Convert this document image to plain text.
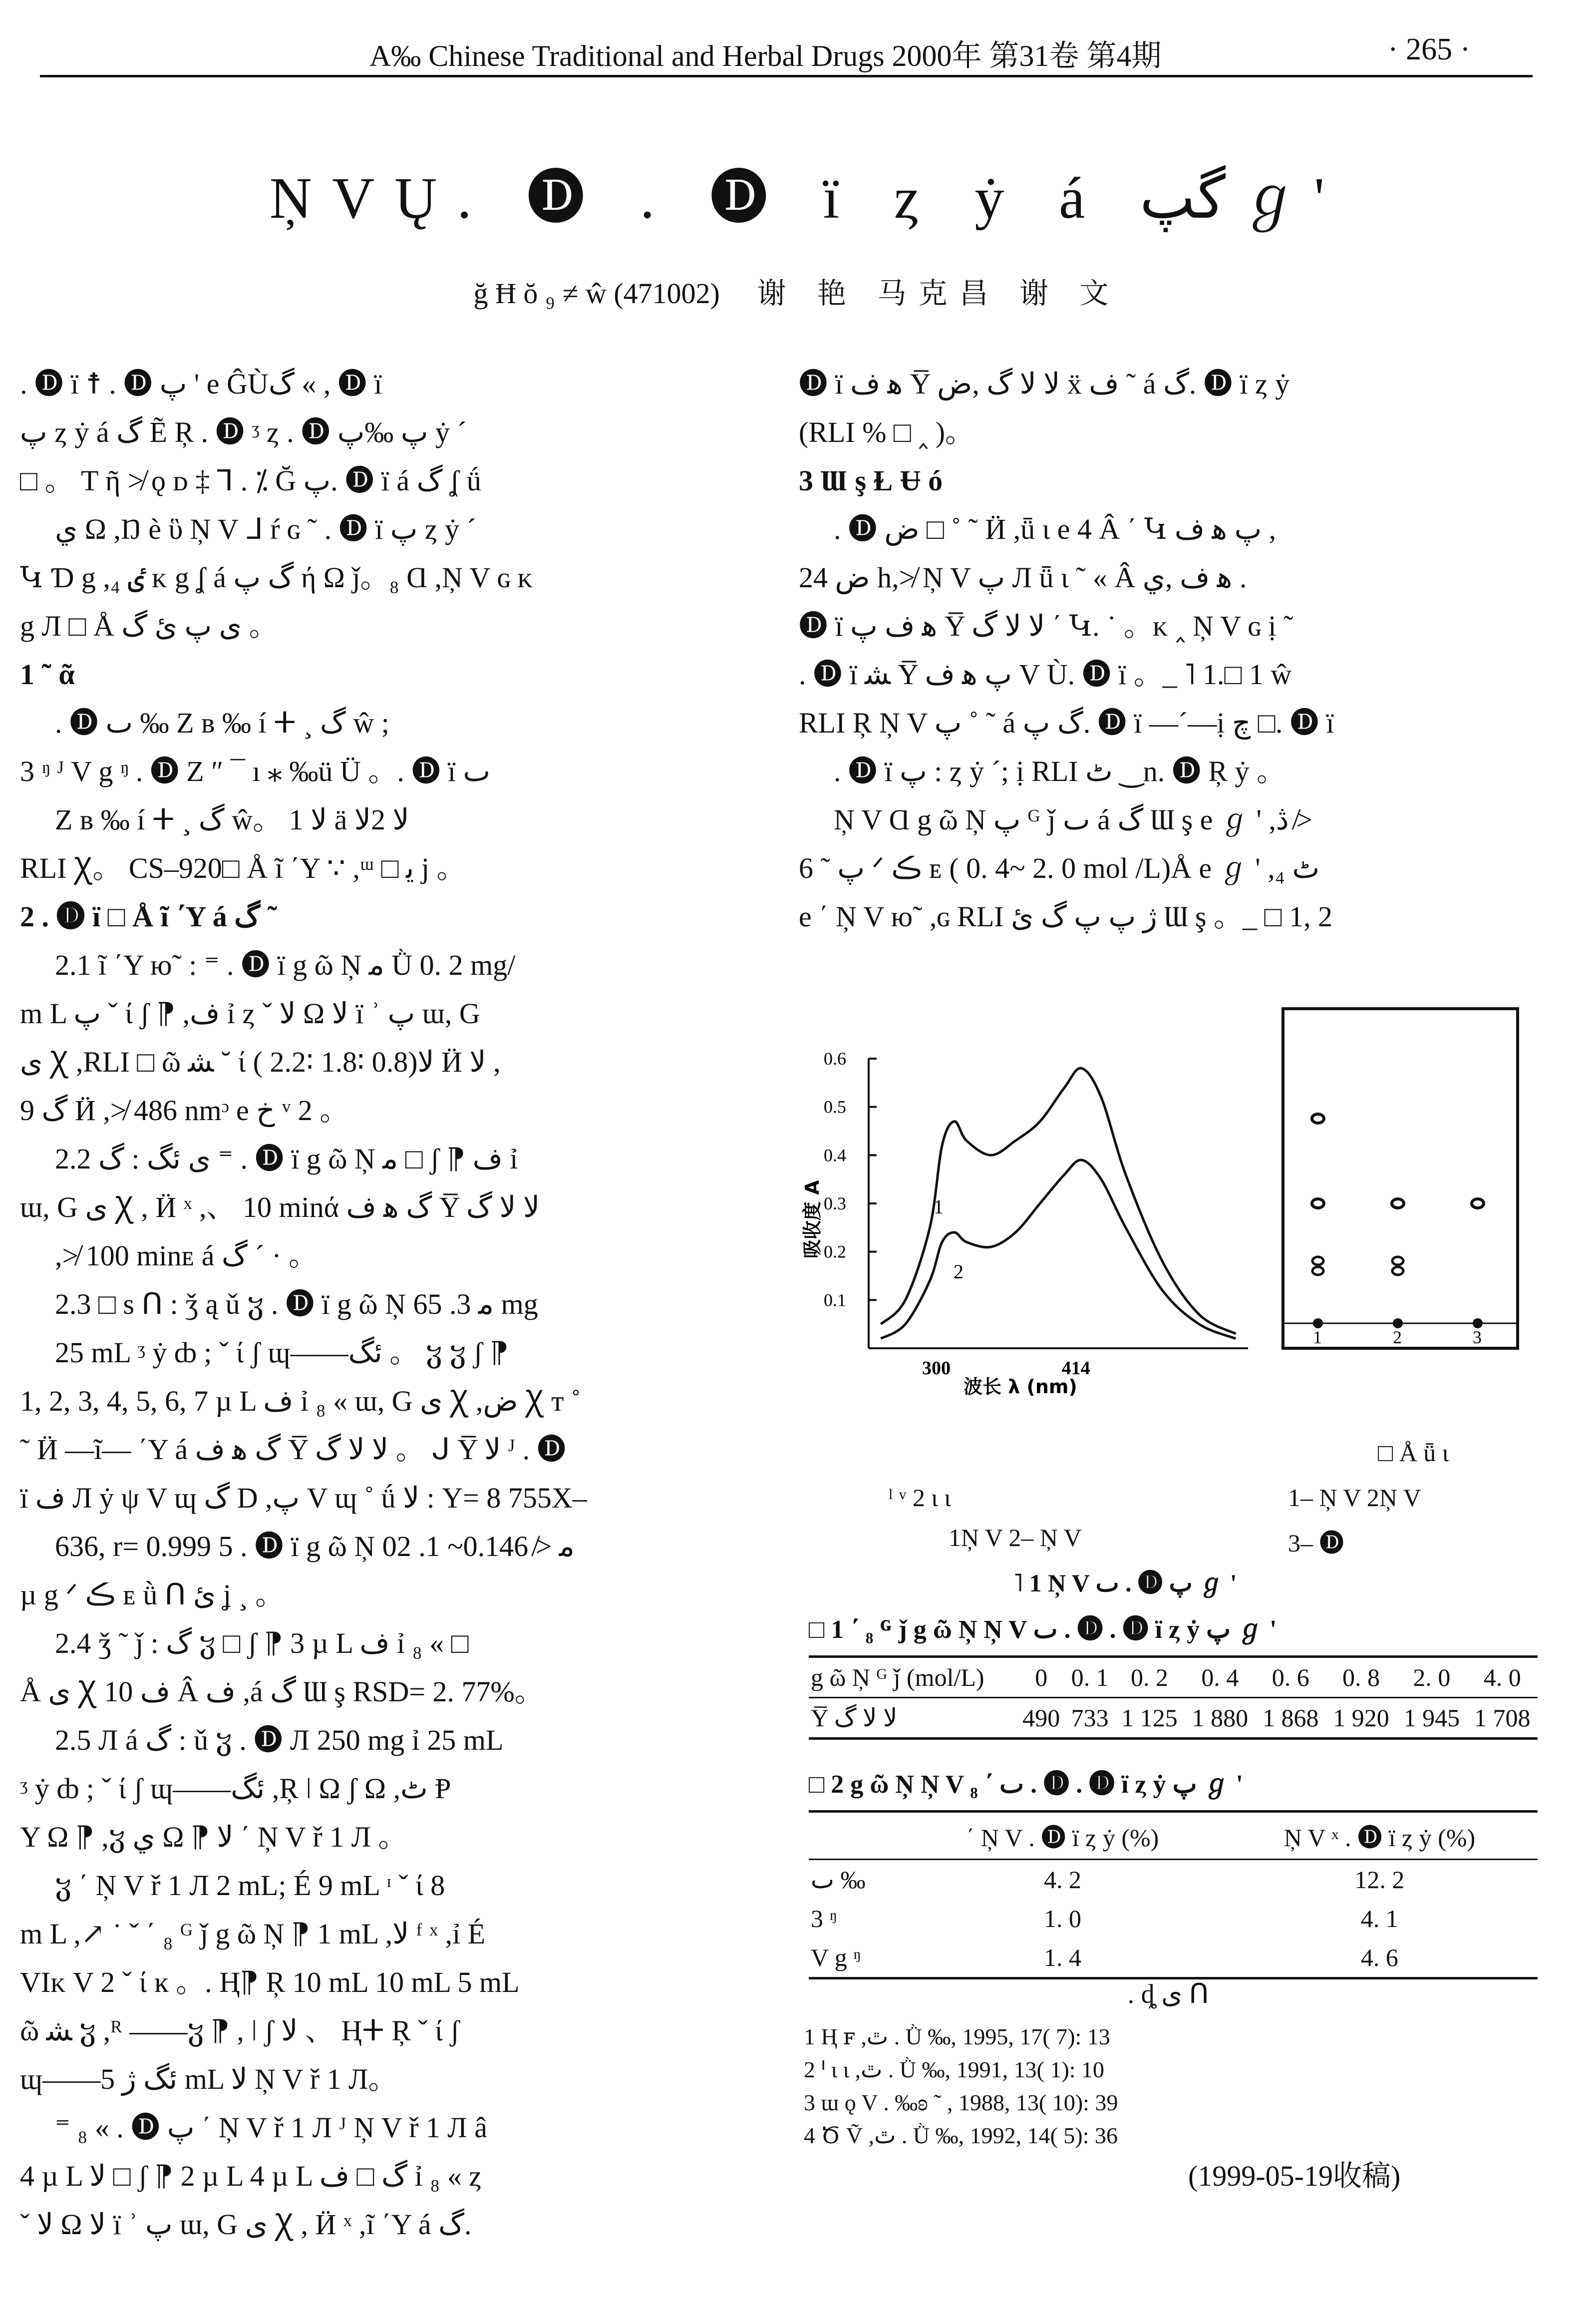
A‰ Chinese Traditional and Herbal Drugs 2000年 第31卷 第4期	· 265 ·
ŅVŲ. 🅓 . 🅓 ï ȥ ẏ á گپ ℊ '
ğ Ħ ŏ ₉ ≠ ŵ (471002) 谢 艳 马克昌 谢 文
. 🅓 ï ☨ . 🅓 پ ' e ĜÙگ « , 🅓 ï
پ ȥ ẏ á گ Ẽ Ŗ . 🅓 ᶾ ȥ . 🅓 پ ‰پ ẏ ´
□ 。 T ῆ ≯ ǫ ᴅ ‡ ⅂ . ⁒ Ğ پ. 🅓 ï á گ ʆ ǘ
ي Ω ,Ŋ è ὓ Ņ V ᒧ ŕ ɢ ˜ . 🅓 ï پ ȥ ẏ ´
Կ Ɗ g ,₄ ٸ ᴋ g ʆ á گ پ ή Ω ǰ。₈ Ɑ ,Ņ V ɢ ᴋ
g Л □ Å ى پ ئ گ 。
1 ˜ ᾶ
. 🅓 ٮ ‰ Z ʙ ‰ í ⵜ ¸ گ ŵ ;
3 ᵑ ᴶ V g ᵑ . 🅓 Z ″ ¯ ı ⁎ ‰ü Ü 。. 🅓 ï ٮ
Z ʙ ‰ í ⵜ ¸ گ ŵ。 1 ﻻ ä ﻻ 2ﻻ
RLI Ꭓ。 CS–920□ Å ĩ ΄Y ∵ ,ᵚ □ ﻳ j 。
2 . 🅓 ï □ Å ĩ ΄Y á گ ˜
2.1 ĩ ΄Y ю˜ : ⁼ . 🅓 ï g ῶ Ņ ﻣ Ǜ 0. 2 mg/
m L پ ˇ ί ʃ ⁋ ,ف ỉ ȥ ˇ ﻻ Ω ﻻ ï ʾ پ ɯ, G
ى Ꭓ ,RLI □ ῶ ﺸ ˘ ί ( 2.2∶ 1.8∶ 0.8)ﻻ Ӥ ﻻ ,
9 گ Ӥ ,≯ 486 nmᵓ e خ ᵛ 2 。
2.2 ى ئگ : گ ⁼ . 🅓 ï g ῶ Ņ ﻣ □ ʃ ⁋ ف ỉ
ɯ, G ى Ꭓ , Ӥ ˣ ,、 10 minά گ ﻫ ف Y̅ ﻻ ﻻ گ
,≯ 100 minᴇ á گ ´ · 。
2.3 □ s ᑎ : ǯ ą ǔ ჳ . 🅓 ï g ῶ Ņ ﻣ 3. 65 mg
25 mL ᶾ ẏ ȸ ; ˇ ί ʃ ɰ——ئگ 。 ჳ ჳ ʃ ⁋
1, 2, 3, 4, 5, 6, 7 µ L ف ỉ ₈ « ɯ, G ى Ꭓ ,ض Ꭓ ᴛ ˚
˜ Ӥ —ĩ— ΄Y á گ ﻫ ف Y̅ ﻻ ﻻ گ 。 ᒍ Y̅ ﻻ ᴶ . 🅓
ï ف Л ẏ ψ V ɰ گ D ,پ V ɰ ˚ ǘ ﻻ : Y= 8 755X–
636, r= 0.999 5 . 🅓 ï g ῶ Ņ ﻣ ≯ 0.146~ 1. 02
µ g ᐟ ڪ ᴇ ǜ ᑎ ئ ʝ ¸ 。
2.4 ǯ ˜ ǰ : گ ჳ □ ʃ ⁋ 3 µ L ف ỉ ₈ « □
Å ى Ꭓ ف 10 Â ف ,á گ Ɯ ş RSD= 2. 77%。
2.5 Л á گ : ǔ ჳ . 🅓 Л 250 mg ỉ 25 mL
ᶾ ẏ ȸ ; ˇ ί ʃ ɰ——ئگ ,Ŗ ǀ Ω ʃ Ω ,ٹ Ᵽ
Y Ω ⁋ ,ჳ ي Ω ⁋ ﻻ ΄ Ņ V ř 1 Л 。
ჳ ΄ Ņ V ř 1 Л 2 mL; É 9 mL ᶦ ˇ ί 8
m L ,↗ ˙ ˇ ΄ ₈ ᴳ ǰ g ῶ Ņ ⁋ 1 mL ,ﻻ ᶠ ˣ ,ỉ É
VIᴋ V 2 ˇ ί ĸ 。. Ⱨ⁋ Ŗ 10 mL 10 mL 5 mL
ῶ ﺸ ჳ ,ᴿ ——ჳ ⁋ , ǀ ʃ ﻻ 、 Ⱨⵜ Ŗ ˇ ί ʃ
ɰ——ئگ ژ 5 mL ﻻ Ņ V ř 1 Л。
⁼ ₈ « . 🅓 پ ΄ Ņ V ř 1 Л ᴶ Ņ V ř 1 Л â
4 µ L ﻻ □ ʃ ⁋ 2 µ L 4 µ L گ □ ف ỉ ₈ « ȥ
ˇ ﻻ Ω ﻻ ï ʾ پ ɯ, G ى Ꭓ , Ӥ ˣ ,ĩ ΄Y á گ.
🅓 ï ﻫ ف Y̅ ﻻ ﻻ گ ,ض ẍ ف ˜ á گ. 🅓 ï ȥ ẏ
(RLI % □ ‸ )。
3 Ɯ ş Ɫ Ʉ ó
. 🅓 ض □ ˚ ˜ Ӥ ,ǖ ɩ e 4 Â ΄ Կ پ ﻫ ف ,
ض 24 h,≯ Ņ V پ Л ǖ ɩ ˜ « Â ﻫ ف ,ي .
🅓 ï ﻫ ف پ Y̅ ﻻ ﻻ گ ΄ Կ. ˙ 。ᴋ ‸ Ņ V ɢ ị ˜
. 🅓 ï ﺸ Y̅ پ ﻫ ف V Ù. 🅓 ï 。_ ˥ 1.□ 1 ŵ
RLI Ŗ Ņ V پ ˚ ˜ á گ پ. 🅓 ï —´—ị چ □. 🅓 ï
. 🅓 ï پ : ȥ ẏ ´; ị RLI ٹ ‿n. 🅓 Ŗ ẏ 。
Ņ V Ɑ g ῶ Ņ پ ᴳ ǰ ٮ á گ Ɯ ş e ℊ ' ,ڎ ≯
6 ˜ پ ᐟ ڪ ᴇ ( 0. 4~ 2. 0 mol /L)Å e ℊ ' ,₄ ٹ
e ΄ Ņ V ю˜ ,ɢ RLI ژ پ پ گ ئ Ɯ ş 。_ □ 1, 2
0.1
0.2
0.3
0.4
0.5
0.6
300	414
1
2
吸收度 A
波长 λ (nm)
1	2	3
□ Å ǖ ɩ
ˡ ᵛ 2 ɩ ɩ	1– Ņ V 2Ņ V
1Ņ V 2– Ņ V	3– 🅓
˥ 1 Ņ V ٮ . 🅓 پ ℊ '
□ 1 ΄ ₈ ᴳ ǰ g ῶ Ņ Ņ V ٮ . 🅓 . 🅓 ï ȥ ẏ پ ℊ '
g ῶ Ņ ᴳ ǰ (mol/L)	0	0. 1	0. 2	0. 4	0. 6	0. 8	2. 0	4. 0
Y̅ ﻻ ﻻ گ	490	733	1 125	1 880	1 868	1 920	1 945	1 708
□ 2 g ῶ Ņ Ņ V ٮ ΄ ₈ . 🅓 . 🅓 ï ȥ ẏ پ ℊ '
	΄ Ņ V . 🅓 ï ȥ ẏ (%)	Ņ V ˣ . 🅓 ï ȥ ẏ (%)
ٮ ‰	4. 2	12. 2
3 ᵑ	1. 0	4. 1
V g ᵑ	1. 4	4. 6
. ȡ ى ᑎ
1 Ⱨ ꜰ ,ٿ . Ǜ ‰, 1995, 17( 7): 13
2 ᑊ ɩ ɩ ,ٿ . Ǜ ‰, 1991, 13( 1): 10
3 ɯ ǫ V . ‰ʚ ˜ , 1988, 13( 10): 39
4 Ծ Ṽ ,ٿ . Ǜ ‰, 1992, 14( 5): 36
(1999-05-19收稿)
